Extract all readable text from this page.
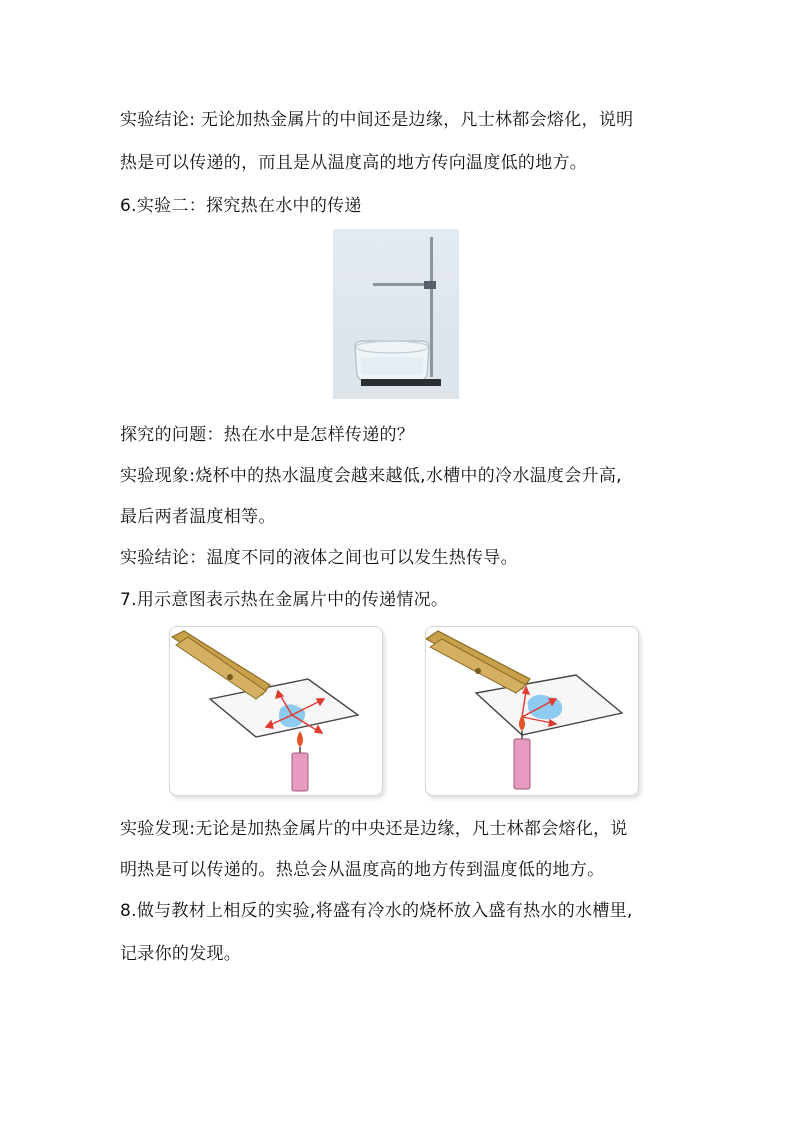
实验结论: 无论加热金属片的中间还是边缘，凡士林都会熔化，说明
热是可以传递的，而且是从温度高的地方传向温度低的地方。
6.实验二：探究热在水中的传递
探究的问题：热在水中是怎样传递的？
实验现象:烧杯中的热水温度会越来越低,水槽中的冷水温度会升高,
最后两者温度相等。
实验结论：温度不同的液体之间也可以发生热传导。
7.用示意图表示热在金属片中的传递情况。
实验发现:无论是加热金属片的中央还是边缘，凡士林都会熔化，说
明热是可以传递的。热总会从温度高的地方传到温度低的地方。
8.做与教材上相反的实验,将盛有冷水的烧杯放入盛有热水的水槽里,
记录你的发现。
